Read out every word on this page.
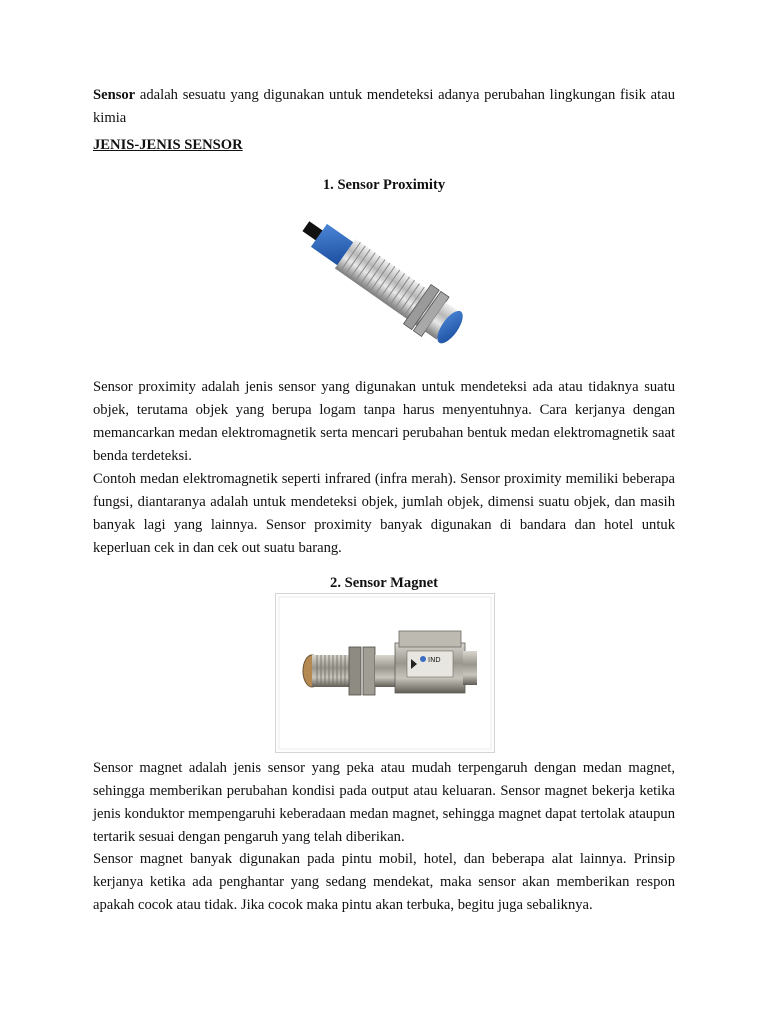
Sensor adalah sesuatu yang digunakan untuk mendeteksi adanya perubahan lingkungan fisik atau kimia

JENIS-JENIS SENSOR

1. Sensor Proximity

Sensor proximity adalah jenis sensor yang digunakan untuk mendeteksi ada atau tidaknya suatu objek, terutama objek yang berupa logam tanpa harus menyentuhnya. Cara kerjanya dengan memancarkan medan elektromagnetik serta mencari perubahan bentuk medan elektromagnetik saat benda terdeteksi.

Contoh medan elektromagnetik seperti infrared (infra merah). Sensor proximity memiliki beberapa fungsi, diantaranya adalah untuk mendeteksi objek, jumlah objek, dimensi suatu objek, dan masih banyak lagi yang lainnya. Sensor proximity banyak digunakan di bandara dan hotel untuk keperluan cek in dan cek out suatu barang.

2. Sensor Magnet

IND

Sensor magnet adalah jenis sensor yang peka atau mudah terpengaruh dengan medan magnet, sehingga memberikan perubahan kondisi pada output atau keluaran. Sensor magnet bekerja ketika jenis konduktor mempengaruhi keberadaan medan magnet, sehingga magnet dapat tertolak ataupun tertarik sesuai dengan pengaruh yang telah diberikan.

Sensor magnet banyak digunakan pada pintu mobil, hotel, dan beberapa alat lainnya. Prinsip kerjanya ketika ada penghantar yang sedang mendekat, maka sensor akan memberikan respon apakah cocok atau tidak. Jika cocok maka pintu akan terbuka, begitu juga sebaliknya.
